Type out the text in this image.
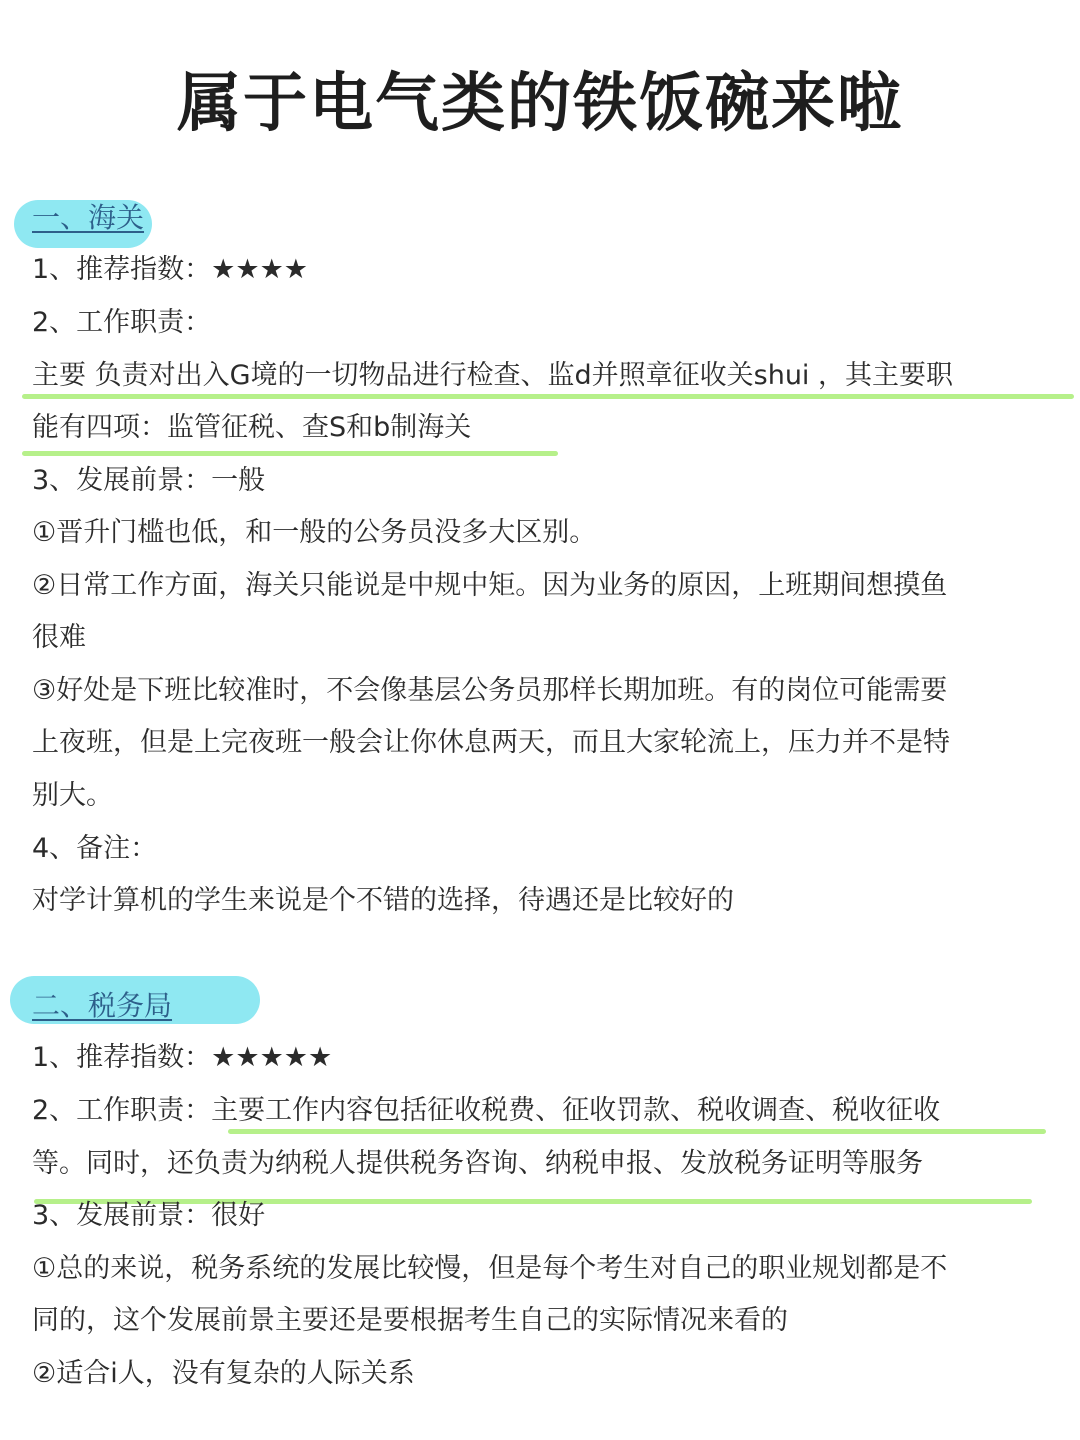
属于电气类的铁饭碗来啦
一、海关
1、推荐指数：★★★★
2、工作职责：
主要 负责对出入G境的一切物品进行检查、监d并照章征收关shui ，其主要职
能有四项：监管征税、查S和b制海关
3、发展前景：一般
①晋升门槛也低，和一般的公务员没多大区别。
②日常工作方面，海关只能说是中规中矩。因为业务的原因，上班期间想摸鱼
很难
③好处是下班比较准时，不会像基层公务员那样长期加班。有的岗位可能需要
上夜班，但是上完夜班一般会让你休息两天，而且大家轮流上，压力并不是特
别大。
4、备注：
对学计算机的学生来说是个不错的选择，待遇还是比较好的
二、税务局
1、推荐指数：★★★★★
2、工作职责：主要工作内容包括征收税费、征收罚款、税收调查、税收征收
等。同时，还负责为纳税人提供税务咨询、纳税申报、发放税务证明等服务
3、发展前景：很好
①总的来说，税务系统的发展比较慢，但是每个考生对自己的职业规划都是不
同的，这个发展前景主要还是要根据考生自己的实际情况来看的
②适合i人，没有复杂的人际关系
